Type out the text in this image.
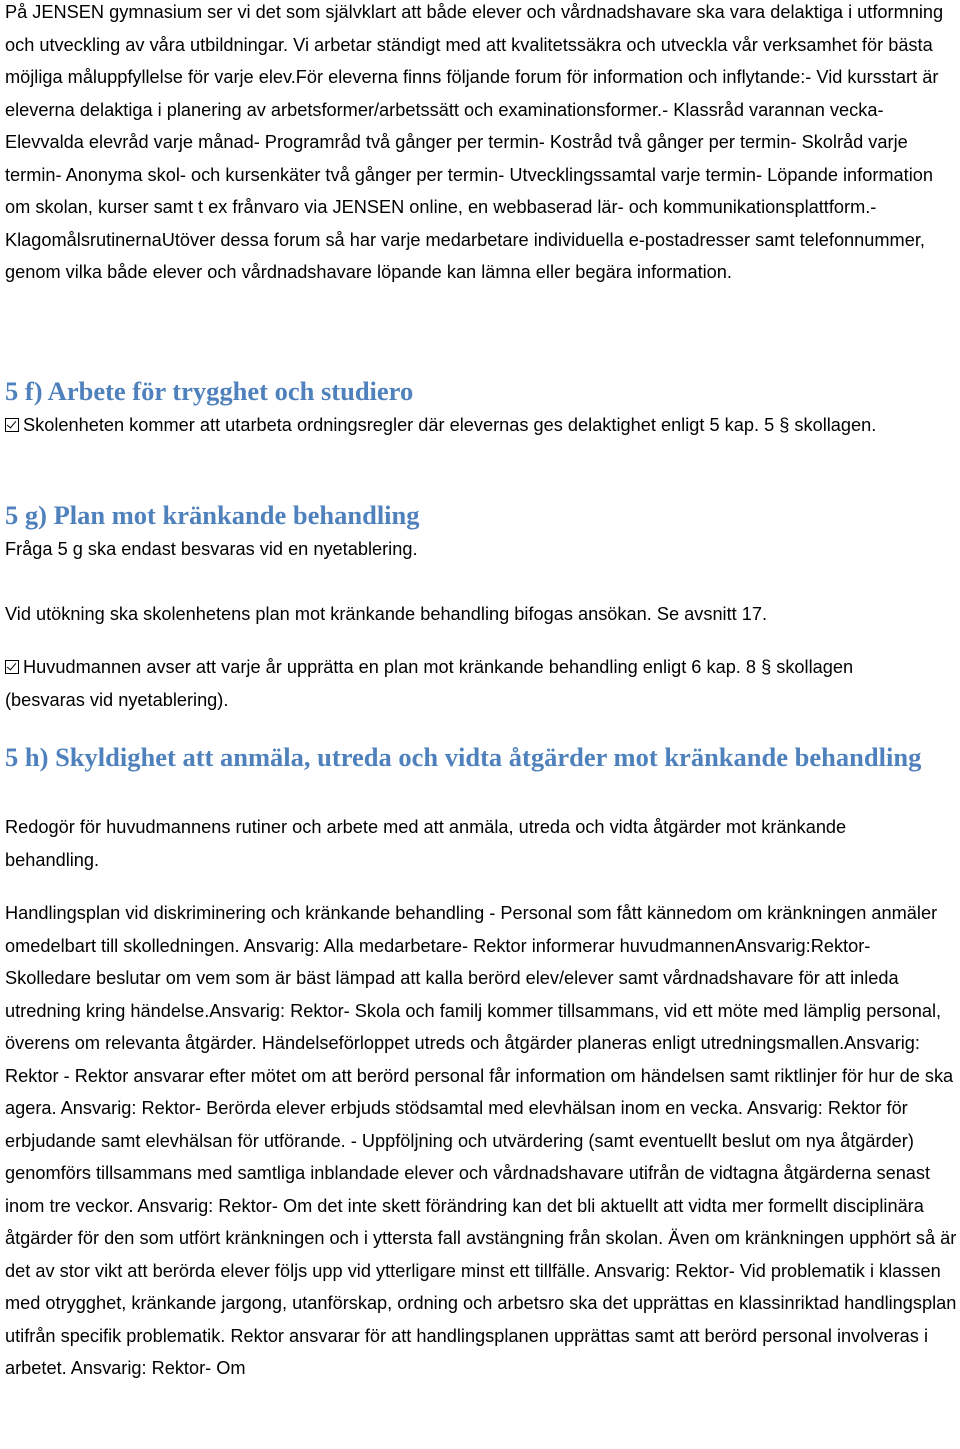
På JENSEN gymnasium ser vi det som självklart att både elever och vårdnadshavare ska vara delaktiga i utformning och utveckling av våra utbildningar. Vi arbetar ständigt med att kvalitetssäkra och utveckla vår verksamhet för bästa möjliga måluppfyllelse för varje elev.För eleverna finns följande forum för information och inflytande:- Vid kursstart är eleverna delaktiga i planering av arbetsformer/arbetssätt och examinationsformer.- Klassråd varannan vecka- Elevvalda elevråd varje månad- Programråd två gånger per termin- Kostråd två gånger per termin- Skolråd varje termin- Anonyma skol- och kursenkäter två gånger per termin- Utvecklingssamtal varje termin- Löpande information om skolan, kurser samt t ex frånvaro via JENSEN online, en webbaserad lär- och kommunikationsplattform.- KlagomålsrutinernaUtöver dessa forum så har varje medarbetare individuella e-postadresser samt telefonnummer, genom vilka både elever och vårdnadshavare löpande kan lämna eller begära information.

5 f) Arbete för trygghet och studiero

Skolenheten kommer att utarbeta ordningsregler där elevernas ges delaktighet enligt 5 kap. 5 § skollagen.

5 g) Plan mot kränkande behandling

Fråga 5 g ska endast besvaras vid en nyetablering.

Vid utökning ska skolenhetens plan mot kränkande behandling bifogas ansökan. Se avsnitt 17.

Huvudmannen avser att varje år upprätta en plan mot kränkande behandling enligt 6 kap. 8 § skollagen (besvaras vid nyetablering).

5 h) Skyldighet att anmäla, utreda och vidta åtgärder mot kränkande behandling

Redogör för huvudmannens rutiner och arbete med att anmäla, utreda och vidta åtgärder mot kränkande behandling.

Handlingsplan vid diskriminering och kränkande behandling - Personal som fått kännedom om kränkningen anmäler omedelbart till skolledningen. Ansvarig: Alla medarbetare- Rektor informerar huvudmannenAnsvarig:Rektor- Skolledare beslutar om vem som är bäst lämpad att kalla berörd elev/elever samt vårdnadshavare för att inleda utredning kring händelse.Ansvarig: Rektor- Skola och familj kommer tillsammans, vid ett möte med lämplig personal, överens om relevanta åtgärder. Händelseförloppet utreds och åtgärder planeras enligt utredningsmallen.Ansvarig: Rektor - Rektor ansvarar efter mötet om att berörd personal får information om händelsen samt riktlinjer för hur de ska agera. Ansvarig: Rektor- Berörda elever erbjuds stödsamtal med elevhälsan inom en vecka. Ansvarig: Rektor för erbjudande samt elevhälsan för utförande. - Uppföljning och utvärdering (samt eventuellt beslut om nya åtgärder) genomförs tillsammans med samtliga inblandade elever och vårdnadshavare utifrån de vidtagna åtgärderna senast inom tre veckor. Ansvarig: Rektor- Om det inte skett förändring kan det bli aktuellt att vidta mer formellt disciplinära åtgärder för den som utfört kränkningen och i yttersta fall avstängning från skolan. Även om kränkningen upphört så är det av stor vikt att berörda elever följs upp vid ytterligare minst ett tillfälle. Ansvarig: Rektor- Vid problematik i klassen med otrygghet, kränkande jargong, utanförskap, ordning och arbetsro ska det upprättas en klassinriktad handlingsplan utifrån specifik problematik. Rektor ansvarar för att handlingsplanen upprättas samt att berörd personal involveras i arbetet. Ansvarig: Rektor- Om
